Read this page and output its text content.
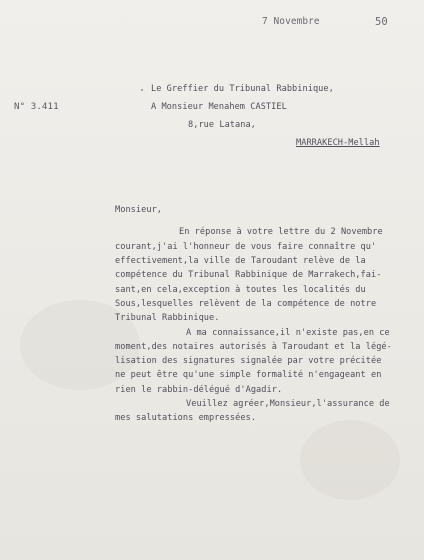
7 Novembre	50
N° 3.411
" Le Greffier du Tribunal Rabbinique,
A Monsieur Menahem CASTIEL
8,rue Latana,
MARRAKECH-Mellah
Monsieur,
En réponse à votre lettre du 2 Novembre
courant,j'ai l'honneur de vous faire connaître qu'
effectivement,la ville de Taroudant relève de la
compétence du Tribunal Rabbinique de Marrakech,fai-
sant,en cela,exception à toutes les localités du
Sous,lesquelles relèvent de la compétence de notre
Tribunal Rabbinique.
A ma connaissance,il n'existe pas,en ce
moment,des notaires autorisés à Taroudant et la légé-
lisation des signatures signalée par votre précitée
ne peut être qu'une simple formalité n'engageant en
rien le rabbin-délégué d'Agadir.
Veuillez agréer,Monsieur,l'assurance de
mes salutations empressées.
